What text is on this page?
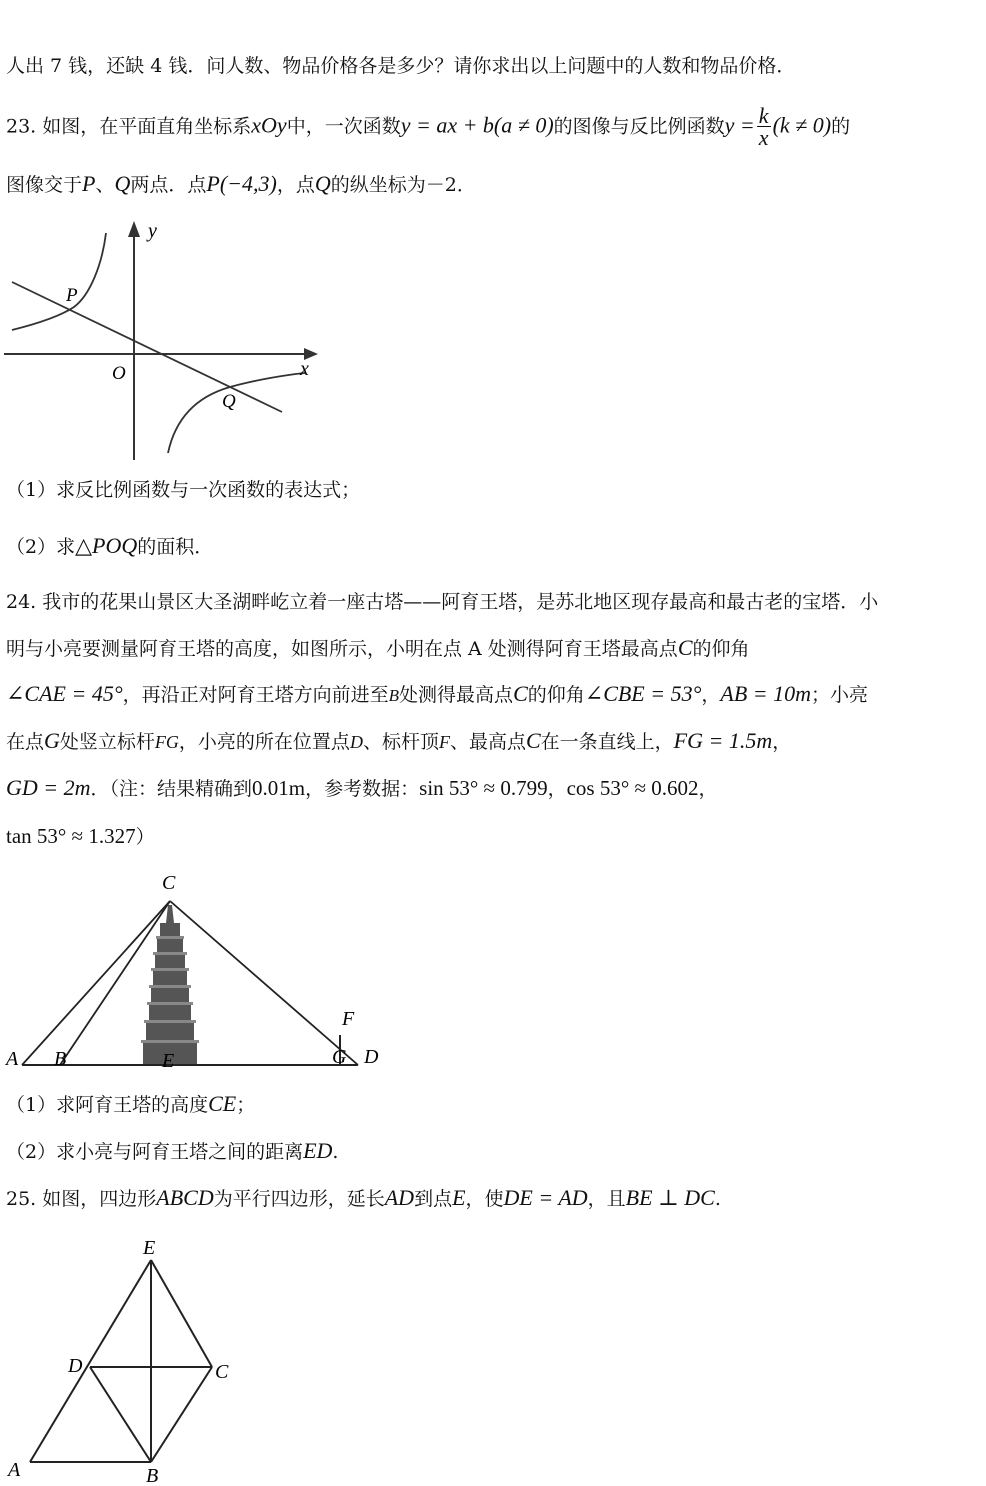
人出 7 钱，还缺 4 钱．问人数、物品价格各是多少？请你求出以上问题中的人数和物品价格．
23. 如图，在平面直角坐标系xOy中，一次函数y = ax + b(a ≠ 0)的图像与反比例函数$y = \frac{k}{x} (k \ne 0)$的
图像交于P、Q两点．点P(−4,3)，点Q的纵坐标为－2．
y
x
O
P
Q
（1）求反比例函数与一次函数的表达式；
（2）求△POQ的面积．
24. 我市的花果山景区大圣湖畔屹立着一座古塔——阿育王塔，是苏北地区现存最高和最古老的宝塔．小
明与小亮要测量阿育王塔的高度，如图所示，小明在点 A 处测得阿育王塔最高点C的仰角
∠CAE = 45°，再沿正对阿育王塔方向前进至B处测得最高点C的仰角∠CBE = 53°，AB = 10m；小亮
在点G处竖立标杆FG，小亮的所在位置点D、标杆顶F、最高点C在一条直线上，FG = 1.5m，
GD = 2m．（注：结果精确到0.01m，参考数据：sin 53° ≈ 0.799，cos 53° ≈ 0.602，
tan 53° ≈ 1.327）
C
F
A B	E	G D
（1）求阿育王塔的高度CE；
（2）求小亮与阿育王塔之间的距离ED.
25. 如图，四边形ABCD为平行四边形，延长AD到点E，使DE = AD，且BE ⊥ DC.
E
D	C
A	B
